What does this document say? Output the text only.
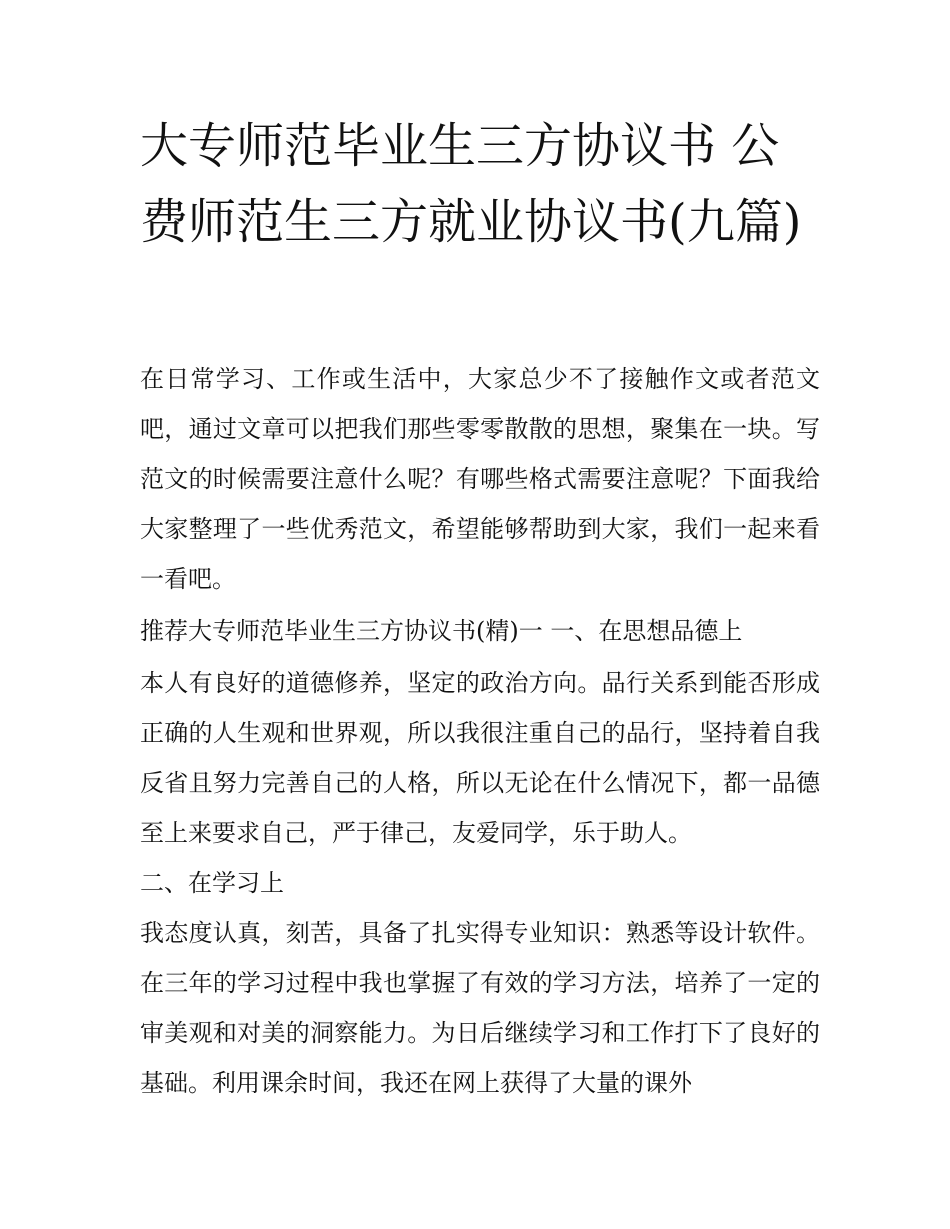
大专师范毕业生三方协议书 公费师范生三方就业协议书(九篇)

在日常学习、工作或生活中，大家总少不了接触作文或者范文吧，通过文章可以把我们那些零零散散的思想，聚集在一块。写范文的时候需要注意什么呢？有哪些格式需要注意呢？下面我给大家整理了一些优秀范文，希望能够帮助到大家，我们一起来看一看吧。

推荐大专师范毕业生三方协议书(精)一 一、在思想品德上

本人有良好的道德修养，坚定的政治方向。品行关系到能否形成正确的人生观和世界观，所以我很注重自己的品行，坚持着自我反省且努力完善自己的人格，所以无论在什么情况下，都一品德至上来要求自己，严于律己，友爱同学，乐于助人。

二、在学习上

我态度认真，刻苦，具备了扎实得专业知识：熟悉等设计软件。在三年的学习过程中我也掌握了有效的学习方法，培养了一定的审美观和对美的洞察能力。为日后继续学习和工作打下了良好的基础。利用课余时间，我还在网上获得了大量的课外
